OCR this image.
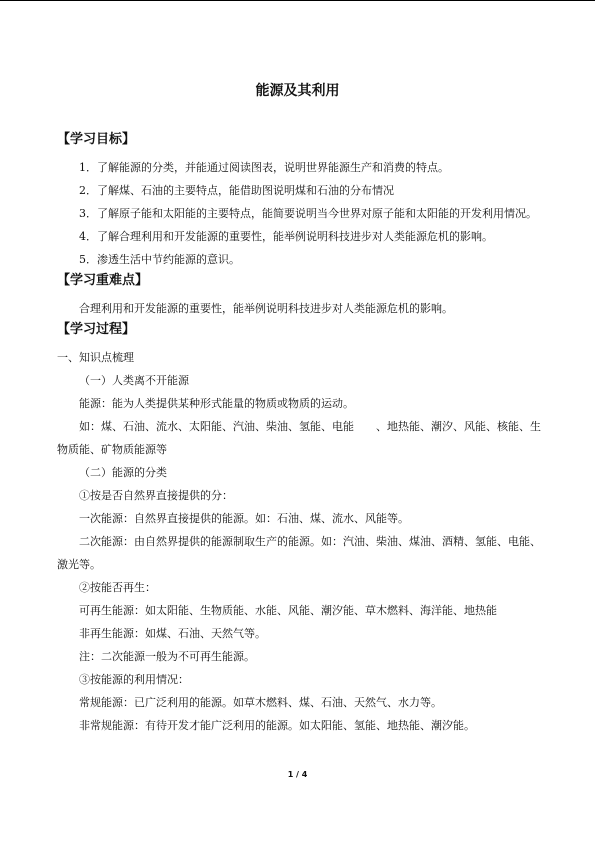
能源及其利用

【学习目标】

1．了解能源的分类，并能通过阅读图表，说明世界能源生产和消费的特点。

2．了解煤、石油的主要特点，能借助图说明煤和石油的分布情况

3．了解原子能和太阳能的主要特点，能简要说明当今世界对原子能和太阳能的开发利用情况。

4．了解合理利用和开发能源的重要性，能举例说明科技进步对人类能源危机的影响。

5．渗透生活中节约能源的意识。

【学习重难点】

合理利用和开发能源的重要性，能举例说明科技进步对人类能源危机的影响。

【学习过程】

一、知识点梳理

（一）人类离不开能源

能源：能为人类提供某种形式能量的物质或物质的运动。

如：煤、石油、流水、太阳能、汽油、柴油、氢能、电能　　、地热能、潮汐、风能、核能、生物质能、矿物质能源等

（二）能源的分类

①按是否自然界直接提供的分：

一次能源：自然界直接提供的能源。如：石油、煤、流水、风能等。

二次能源：由自然界提供的能源制取生产的能源。如：汽油、柴油、煤油、酒精、氢能、电能、激光等。

②按能否再生：

可再生能源：如太阳能、生物质能、水能、风能、潮汐能、草木燃料、海洋能、地热能

非再生能源：如煤、石油、天然气等。

注：二次能源一般为不可再生能源。

③按能源的利用情况：

常规能源：已广泛利用的能源。如草木燃料、煤、石油、天然气、水力等。

非常规能源：有待开发才能广泛利用的能源。如太阳能、氢能、地热能、潮汐能。

1 / 4
